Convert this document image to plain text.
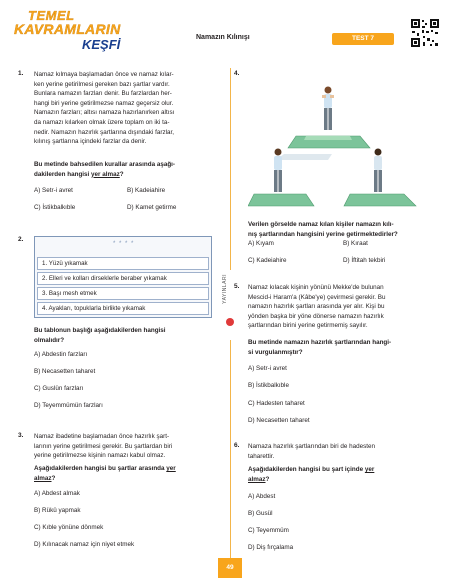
TEMEL
KAVRAMLARIN
KEŞFİ	Namazın Kılınışı	TEST 7
YAYINLARI
1. Namaz kılmaya başlamadan önce ve namaz kılar-
ken yerine getirilmesi gereken bazı şartlar vardır.
Bunlara namazın farzları denir. Bu farzlardan her-
hangi biri yerine getirilmezse namaz geçersiz olur.
Namazın farzları; altısı namaza hazırlanırken altısı
da namazı kılarken olmak üzere toplam on iki ta-
nedir. Namazın hazırlık şartlarına dışındaki farzlar,
kılınış şartlarına içindeki farzlar da denir.
Bu metinde bahsedilen kurallar arasında aşağı-
dakilerden hangisi yer almaz?
A) Setr-i avret	B) Kadeiahire
C) İstikbalkıble	D) Kamet getirme
2.
* * * *
1. Yüzü yıkamak
2. Elleri ve kolları dirseklerle beraber yıkamak
3. Başı mesh etmek
4. Ayakları, topuklarla birlikte yıkamak
Bu tablonun başlığı aşağıdakilerden hangisi
olmalıdır?
A) Abdestin farzları
B) Necasetten taharet
C) Guslün farzları
D) Teyemmümün farzları
3. Namaz ibadetine başlamadan önce hazırlık şart-
larının yerine getirilmesi gerekir. Bu şartlardan biri
yerine getirilmezse kişinin namazı kabul olmaz.
Aşağıdakilerden hangisi bu şartlar arasında yer
almaz?
A) Abdest almak
B) Rükû yapmak
C) Kıble yönüne dönmek
D) Kılınacak namaz için niyet etmek
4.
Verilen görselde namaz kılan kişiler namazın kılı-
nış şartlarından hangisini yerine getirmektedirler?
A) Kıyam	B) Kıraat
C) Kadeiahire	D) İftitah tekbiri
5. Namaz kılacak kişinin yönünü Mekke'de bulunan
Mescid-i Haram'a (Kâbe'ye) çevirmesi gerekir. Bu
namazın hazırlık şartları arasında yer alır. Kişi bu
yönden başka bir yöne dönerse namazın hazırlık
şartlarından birini yerine getirmemiş sayılır.
Bu metinde namazın hazırlık şartlarından hangi-
si vurgulanmıştır?
A) Setr-i avret
B) İstikbalkıble
C) Hadesten taharet
D) Necasetten taharet
6. Namaza hazırlık şartlarından biri de hadesten
taharettir.
Aşağıdakilerden hangisi bu şart içinde yer
almaz?
A) Abdest
B) Gusül
C) Teyemmüm
D) Diş fırçalama
49
